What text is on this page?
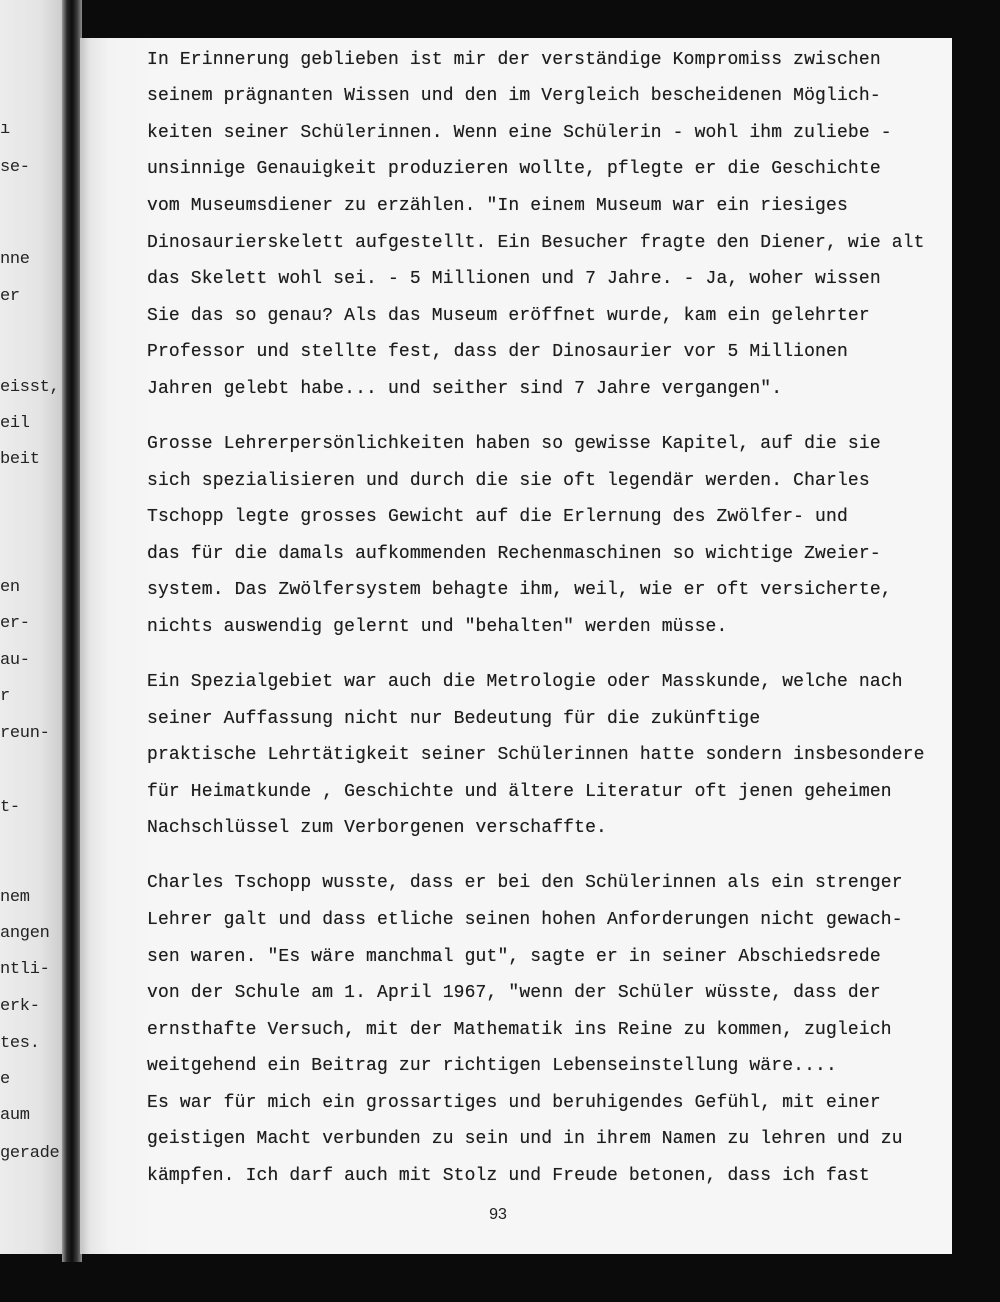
ı
se-
nne
er
eisst,
eil
beit
en
er-
au-
r
reun-
t-
nem
angen
ntli-
erk-
tes.
e
aum
gerade
In Erinnerung geblieben ist mir der verständige Kompromiss zwischen
seinem prägnanten Wissen und den im Vergleich bescheidenen Möglich-
keiten seiner Schülerinnen. Wenn eine Schülerin - wohl ihm zuliebe -
unsinnige Genauigkeit produzieren wollte, pflegte er die Geschichte
vom Museumsdiener zu erzählen. "In einem Museum war ein riesiges
Dinosaurierskelett aufgestellt. Ein Besucher fragte den Diener, wie alt
das Skelett wohl sei. - 5 Millionen und 7 Jahre. - Ja, woher wissen
Sie das so genau? Als das Museum eröffnet wurde, kam ein gelehrter
Professor und stellte fest, dass der Dinosaurier vor 5 Millionen
Jahren gelebt habe... und seither sind 7 Jahre vergangen".
Grosse Lehrerpersönlichkeiten haben so gewisse Kapitel, auf die sie
sich spezialisieren und durch die sie oft legendär werden. Charles
Tschopp legte grosses Gewicht auf die Erlernung des Zwölfer- und
das für die damals aufkommenden Rechenmaschinen so wichtige Zweier-
system. Das Zwölfersystem behagte ihm, weil, wie er oft versicherte,
nichts auswendig gelernt und "behalten" werden müsse.
Ein Spezialgebiet war auch die Metrologie oder Masskunde, welche nach
seiner Auffassung nicht nur Bedeutung für die zukünftige
praktische Lehrtätigkeit seiner Schülerinnen hatte sondern insbesondere
für Heimatkunde , Geschichte und ältere Literatur oft jenen geheimen
Nachschlüssel zum Verborgenen verschaffte.
Charles Tschopp wusste, dass er bei den Schülerinnen als ein strenger
Lehrer galt und dass etliche seinen hohen Anforderungen nicht gewach-
sen waren. "Es wäre manchmal gut", sagte er in seiner Abschiedsrede
von der Schule am 1. April 1967, "wenn der Schüler wüsste, dass der
ernsthafte Versuch, mit der Mathematik ins Reine zu kommen, zugleich
weitgehend ein Beitrag zur richtigen Lebenseinstellung wäre....
Es war für mich ein grossartiges und beruhigendes Gefühl, mit einer
geistigen Macht verbunden zu sein und in ihrem Namen zu lehren und zu
kämpfen. Ich darf auch mit Stolz und Freude betonen, dass ich fast
93
